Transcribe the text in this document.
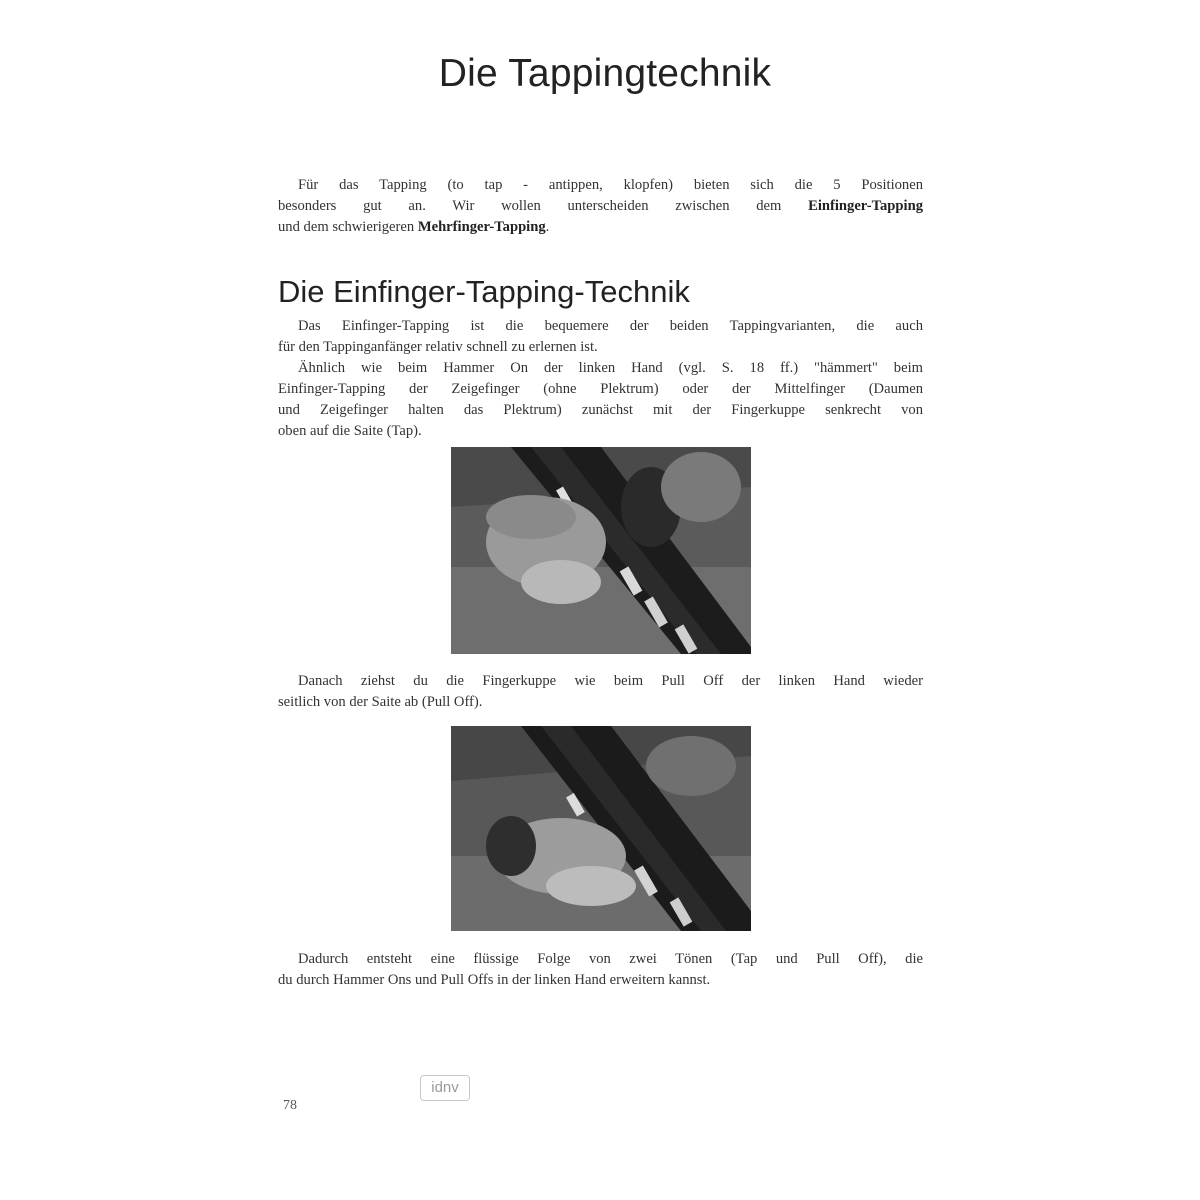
Die Tappingtechnik
Für das Tapping (to tap - antippen, klopfen) bieten sich die 5 Positionen
besonders gut an. Wir wollen unterscheiden zwischen dem Einfinger-Tapping
und dem schwierigeren Mehrfinger-Tapping.
Die Einfinger-Tapping-Technik
Das Einfinger-Tapping ist die bequemere der beiden Tappingvarianten, die auch
für den Tappinganfänger relativ schnell zu erlernen ist.
Ähnlich wie beim Hammer On der linken Hand (vgl. S. 18 ff.) "hämmert" beim
Einfinger-Tapping der Zeigefinger (ohne Plektrum) oder der Mittelfinger (Daumen
und Zeigefinger halten das Plektrum) zunächst mit der Fingerkuppe senkrecht von
oben auf die Saite (Tap).
Danach ziehst du die Fingerkuppe wie beim Pull Off der linken Hand wieder
seitlich von der Saite ab (Pull Off).
Dadurch entsteht eine flüssige Folge von zwei Tönen (Tap und Pull Off), die
du durch Hammer Ons und Pull Offs in der linken Hand erweitern kannst.
idnv
78
